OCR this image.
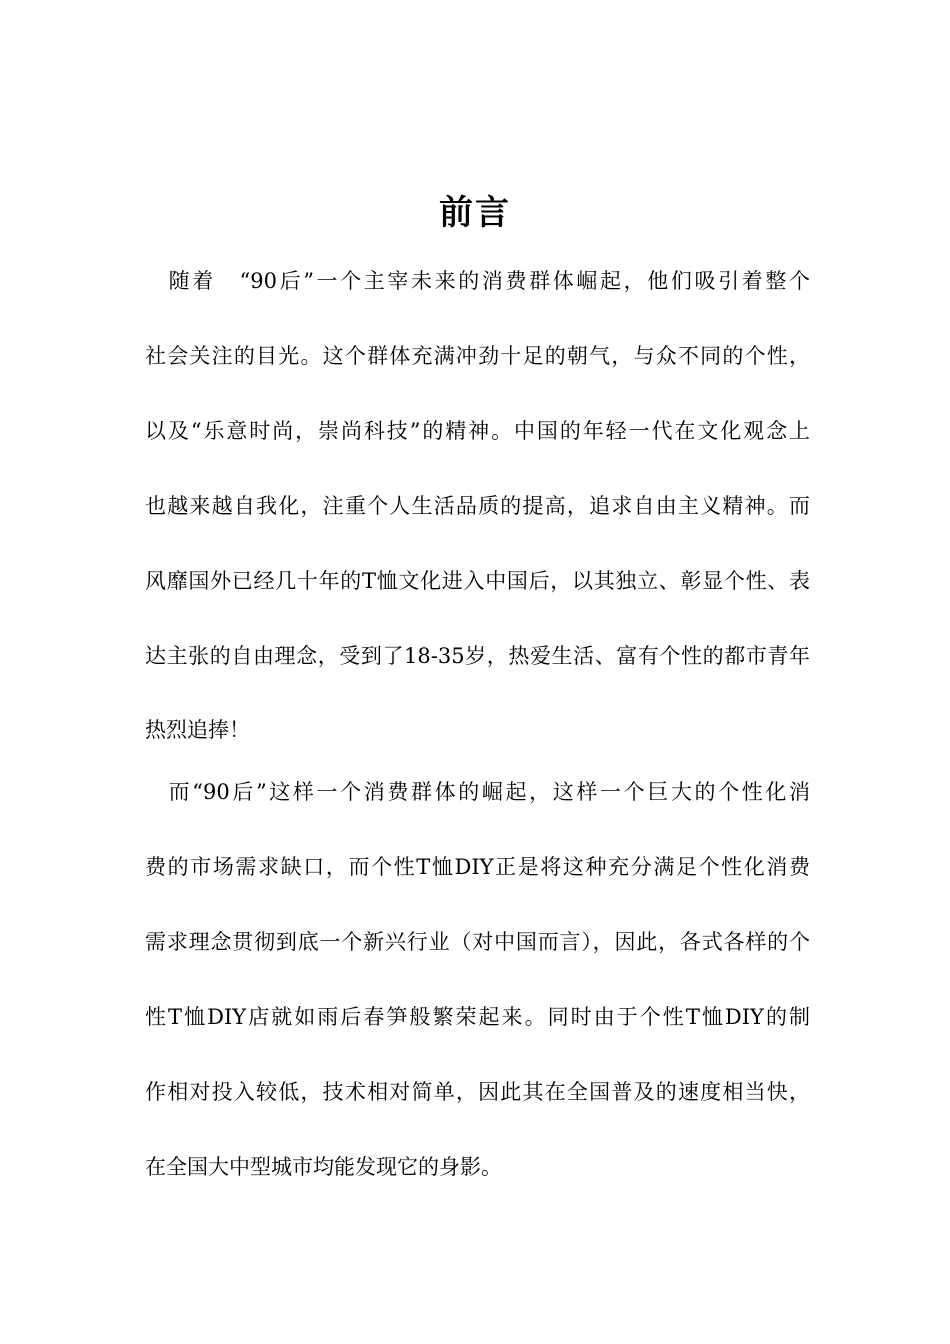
前言
　随着　“90后”一个主宰未来的消费群体崛起，他们吸引着整个
社会关注的目光。这个群体充满冲劲十足的朝气，与众不同的个性，
以及“乐意时尚，崇尚科技”的精神。中国的年轻一代在文化观念上
也越来越自我化，注重个人生活品质的提高，追求自由主义精神。而
风靡国外已经几十年的T恤文化进入中国后，以其独立、彰显个性、表
达主张的自由理念，受到了18-35岁，热爱生活、富有个性的都市青年
热烈追捧！
　而“90后”这样一个消费群体的崛起，这样一个巨大的个性化消
费的市场需求缺口，而个性T恤DIY正是将这种充分满足个性化消费
需求理念贯彻到底一个新兴行业（对中国而言），因此，各式各样的个
性T恤DIY店就如雨后春笋般繁荣起来。同时由于个性T恤DIY的制
作相对投入较低，技术相对简单，因此其在全国普及的速度相当快，
在全国大中型城市均能发现它的身影。
